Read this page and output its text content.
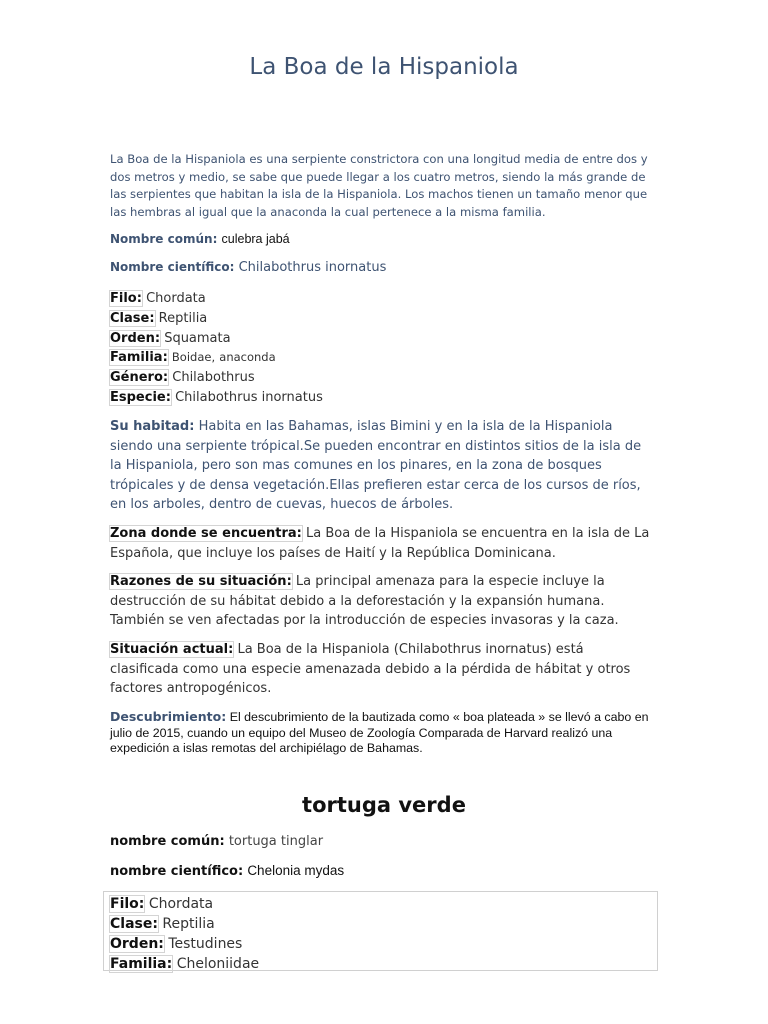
La Boa de la Hispaniola
La Boa de la Hispaniola es una serpiente constrictora con una longitud media de entre dos y dos metros y medio, se sabe que puede llegar a los cuatro metros, siendo la más grande de las serpientes que habitan la isla de la Hispaniola. Los machos tienen un tamaño menor que las hembras al igual que la anaconda la cual pertenece a la misma familia.
Nombre común: culebra jabá
Nombre científico: Chilabothrus inornatus
Filo: Chordata
Clase: Reptilia
Orden: Squamata
Familia: Boidae, anaconda
Género: Chilabothrus
Especie: Chilabothrus inornatus
Su habitad: Habita en las Bahamas, islas Bimini y en la isla de la Hispaniola siendo una serpiente trópical.Se pueden encontrar en distintos sitios de la isla de la Hispaniola, pero son mas comunes en los pinares, en la zona de bosques trópicales y de densa vegetación.Ellas prefieren estar cerca de los cursos de ríos, en los arboles, dentro de cuevas, huecos de árboles.
Zona donde se encuentra: La Boa de la Hispaniola se encuentra en la isla de La Española, que incluye los países de Haití y la República Dominicana.
Razones de su situación: La principal amenaza para la especie incluye la destrucción de su hábitat debido a la deforestación y la expansión humana. También se ven afectadas por la introducción de especies invasoras y la caza.
Situación actual: La Boa de la Hispaniola (Chilabothrus inornatus) está clasificada como una especie amenazada debido a la pérdida de hábitat y otros factores antropogénicos.
Descubrimiento: El descubrimiento de la bautizada como « boa plateada » se llevó a cabo en julio de 2015, cuando un equipo del Museo de Zoología Comparada de Harvard realizó una expedición a islas remotas del archipiélago de Bahamas.
tortuga verde
nombre común: tortuga tinglar
nombre científico: Chelonia mydas
Filo: Chordata
Clase: Reptilia
Orden: Testudines
Familia: Cheloniidae
